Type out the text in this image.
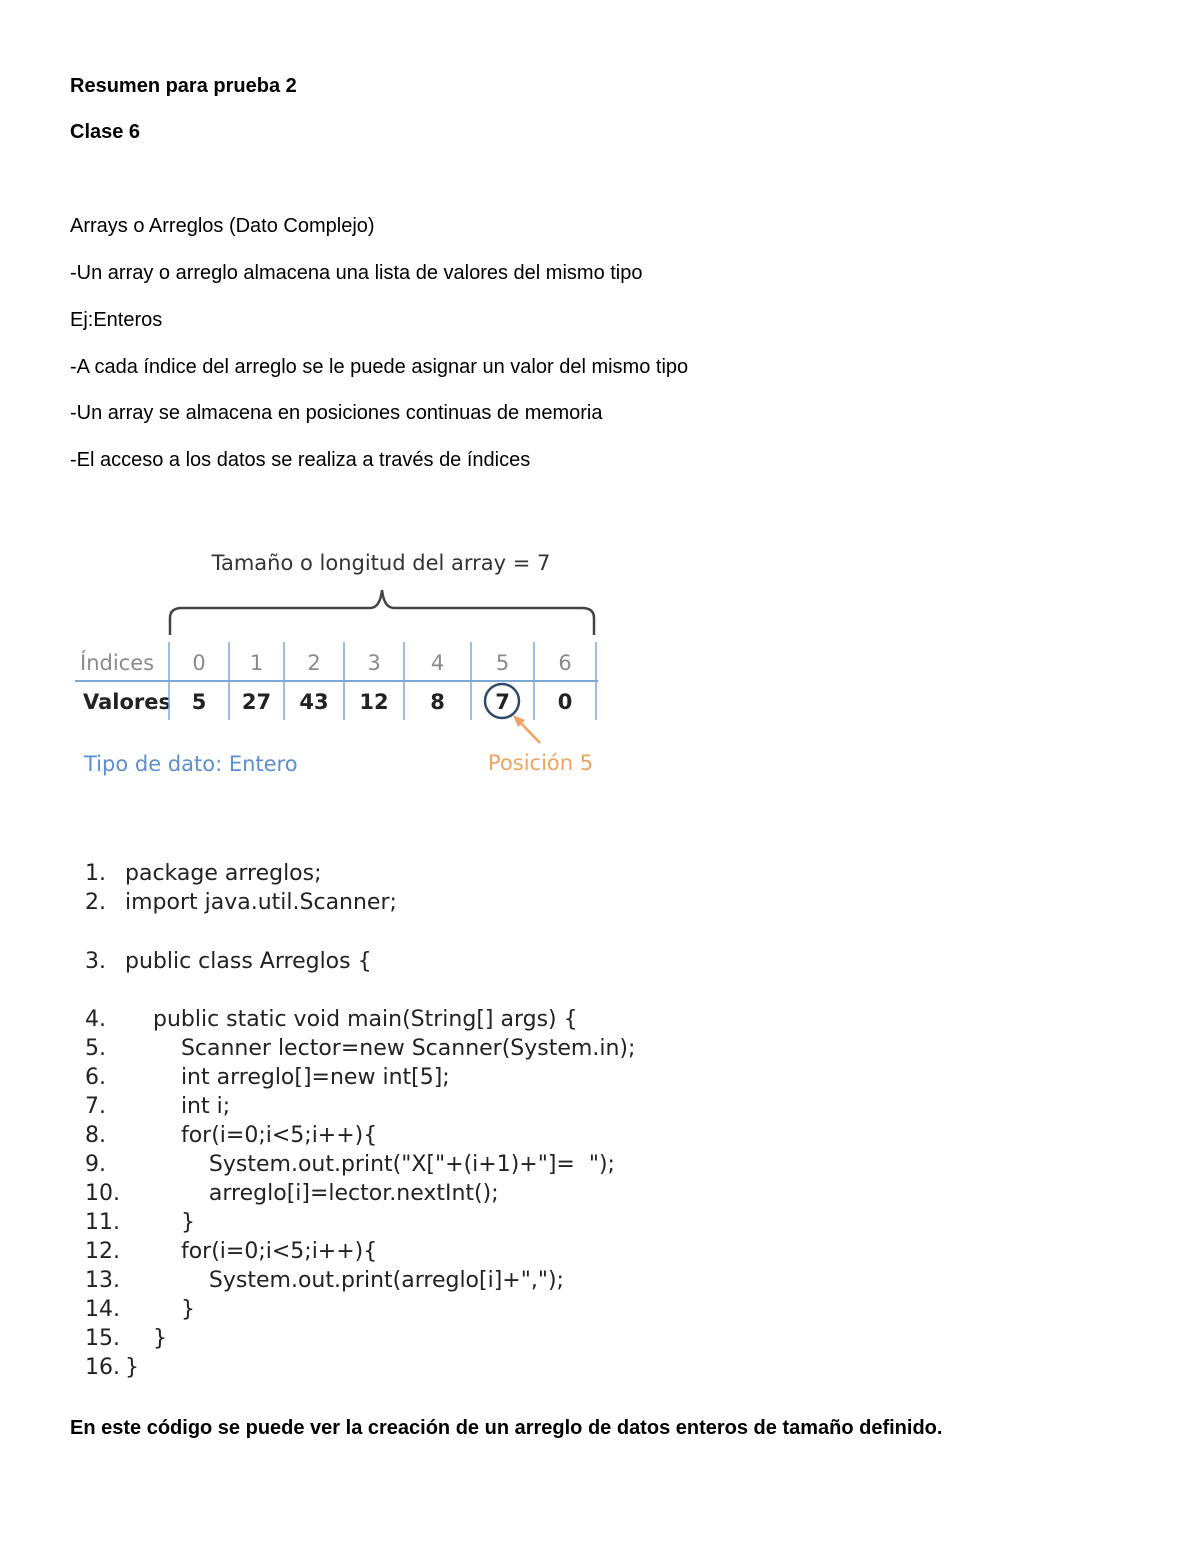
Resumen para prueba 2
Clase 6
Arrays o Arreglos (Dato Complejo)
-Un array o arreglo almacena una lista de valores del mismo tipo
Ej:Enteros
-A cada índice del arreglo se le puede asignar un valor del mismo tipo
-Un array se almacena en posiciones continuas de memoria
-El acceso a los datos se realiza a través de índices
Tamaño o longitud del array = 7
Índices
Valores
0
5
1
27
2
43
3
12
4
8
5
7
6
0
Tipo de dato: Entero	Posición 5
1. package arreglos;
2. import java.util.Scanner;
3. public class Arreglos {
4.    public static void main(String[] args) {
5.        Scanner lector=new Scanner(System.in);
6.        int arreglo[]=new int[5];
7.        int i;
8.        for(i=0;i<5;i++){
9.            System.out.print("X["+(i+1)+"]=  ");
10.            arreglo[i]=lector.nextInt();
11.        }
12.        for(i=0;i<5;i++){
13.            System.out.print(arreglo[i]+",");
14.        }
15.    }
16. }
En este código se puede ver la creación de un arreglo de datos enteros de tamaño definido.
